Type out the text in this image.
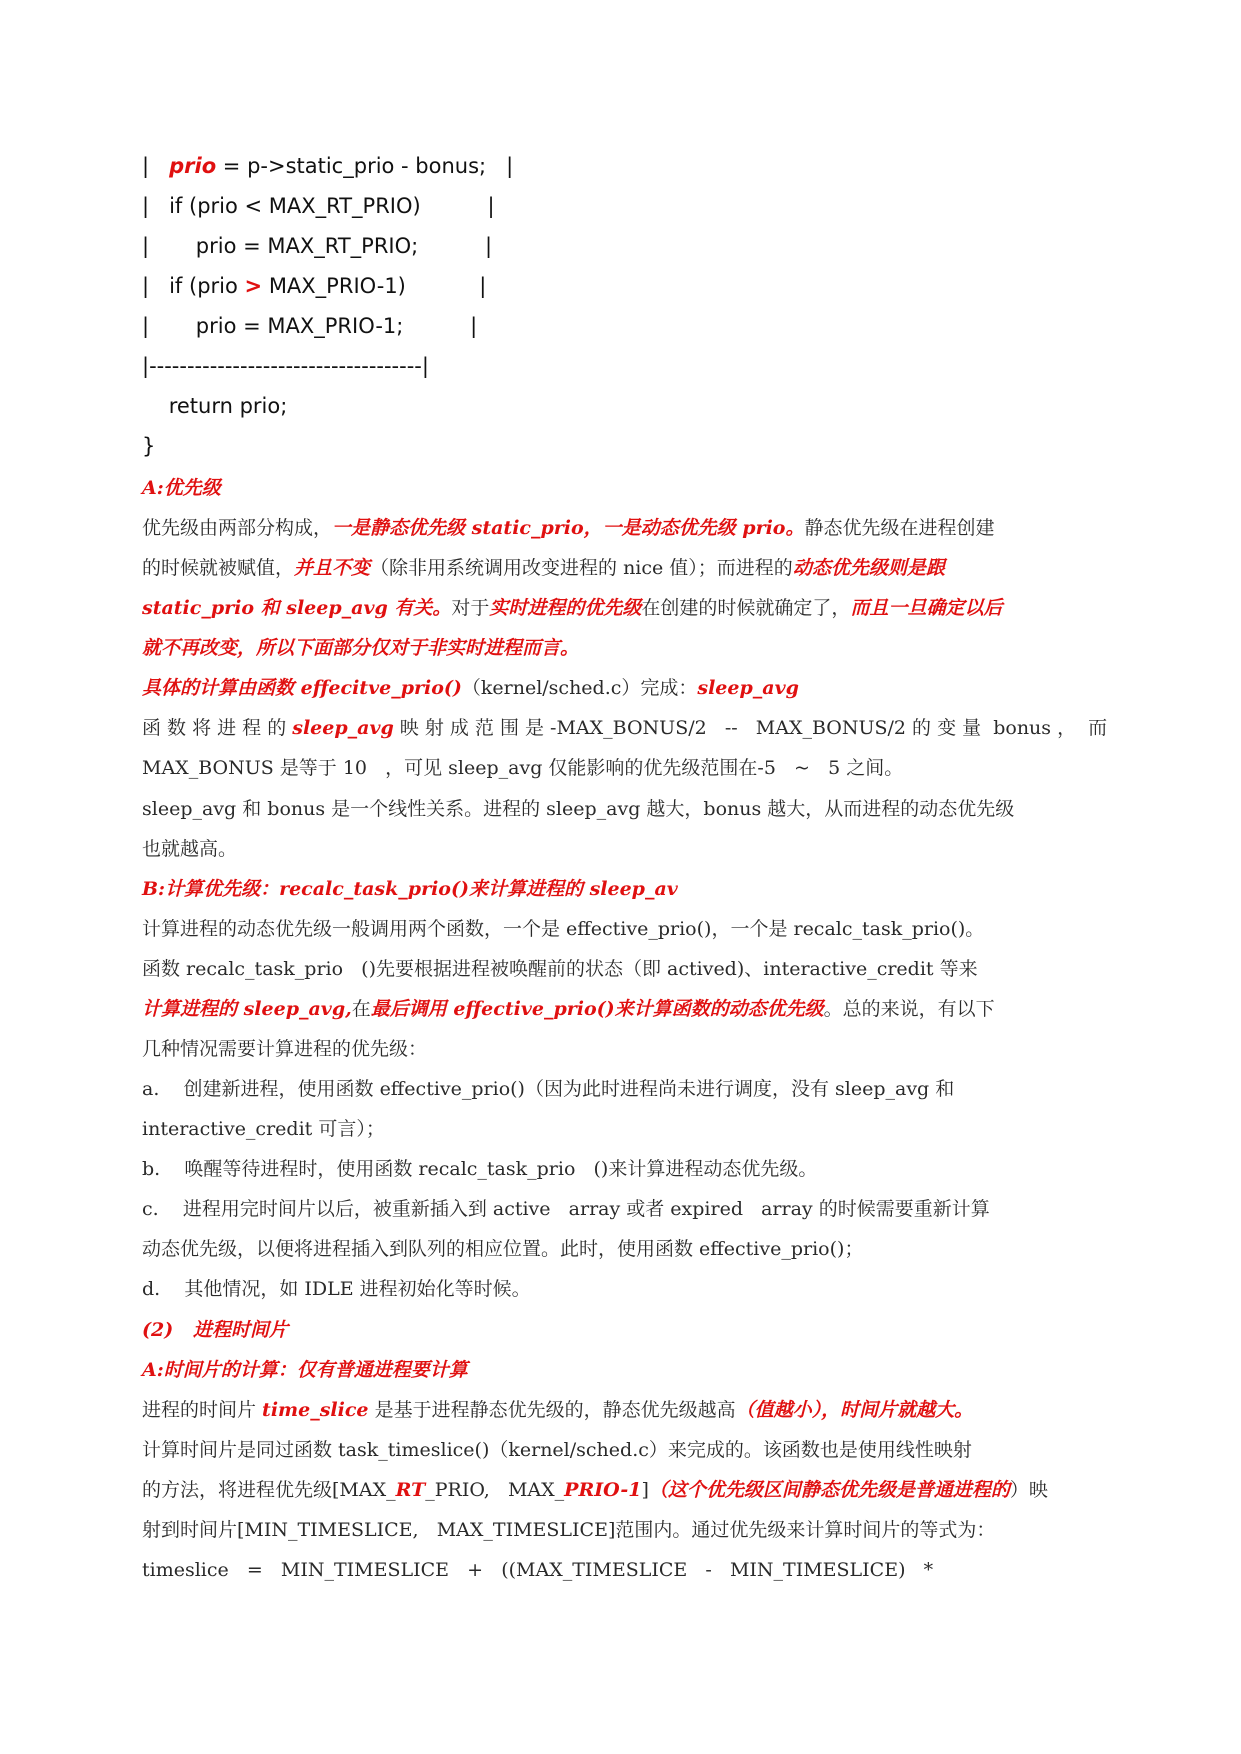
|   prio = p->static_prio - bonus;   |
|   if (prio < MAX_RT_PRIO)          |
|       prio = MAX_RT_PRIO;          |
|   if (prio > MAX_PRIO-1)           |
|       prio = MAX_PRIO-1;          |
|------------------------------------|
return prio;
}
A:优先级
优先级由两部分构成，一是静态优先级 static_prio，一是动态优先级 prio。静态优先级在进程创建
的时候就被赋值，并且不变（除非用系统调用改变进程的 nice 值）；而进程的动态优先级则是跟
static_prio 和 sleep_avg 有关。对于实时进程的优先级在创建的时候就确定了，而且一旦确定以后
就不再改变，所以下面部分仅对于非实时进程而言。
具体的计算由函数 effecitve_prio()（kernel/sched.c）完成：sleep_avg
函 数 将 进 程 的 sleep_avg 映 射 成 范 围 是 -MAX_BONUS/2   --   MAX_BONUS/2 的 变 量  bonus ，  而
MAX_BONUS 是等于 10   ，可见 sleep_avg 仅能影响的优先级范围在-5   ~   5 之间。
sleep_avg 和 bonus 是一个线性关系。进程的 sleep_avg 越大，bonus 越大，从而进程的动态优先级
也就越高。
B:计算优先级：recalc_task_prio()来计算进程的 sleep_av
计算进程的动态优先级一般调用两个函数，一个是 effective_prio()，一个是 recalc_task_prio()。
函数 recalc_task_prio   ()先要根据进程被唤醒前的状态（即 actived)、interactive_credit 等来
计算进程的 sleep_avg,在最后调用 effective_prio()来计算函数的动态优先级。总的来说，有以下
几种情况需要计算进程的优先级：
a.    创建新进程，使用函数 effective_prio()（因为此时进程尚未进行调度，没有 sleep_avg 和
interactive_credit 可言）；
b.    唤醒等待进程时，使用函数 recalc_task_prio   ()来计算进程动态优先级。
c.    进程用完时间片以后，被重新插入到 active   array 或者 expired   array 的时候需要重新计算
动态优先级，以便将进程插入到队列的相应位置。此时，使用函数 effective_prio()；
d.    其他情况，如 IDLE 进程初始化等时候。
(2)   进程时间片
A:时间片的计算：仅有普通进程要计算
进程的时间片 time_slice 是基于进程静态优先级的，静态优先级越高（值越小），时间片就越大。
计算时间片是同过函数 task_timeslice()（kernel/sched.c）来完成的。该函数也是使用线性映射
的方法，将进程优先级[MAX_RT_PRIO,   MAX_PRIO-1]（这个优先级区间静态优先级是普通进程的）映
射到时间片[MIN_TIMESLICE,   MAX_TIMESLICE]范围内。通过优先级来计算时间片的等式为：
timeslice   =   MIN_TIMESLICE   +   ((MAX_TIMESLICE   -   MIN_TIMESLICE)   *
